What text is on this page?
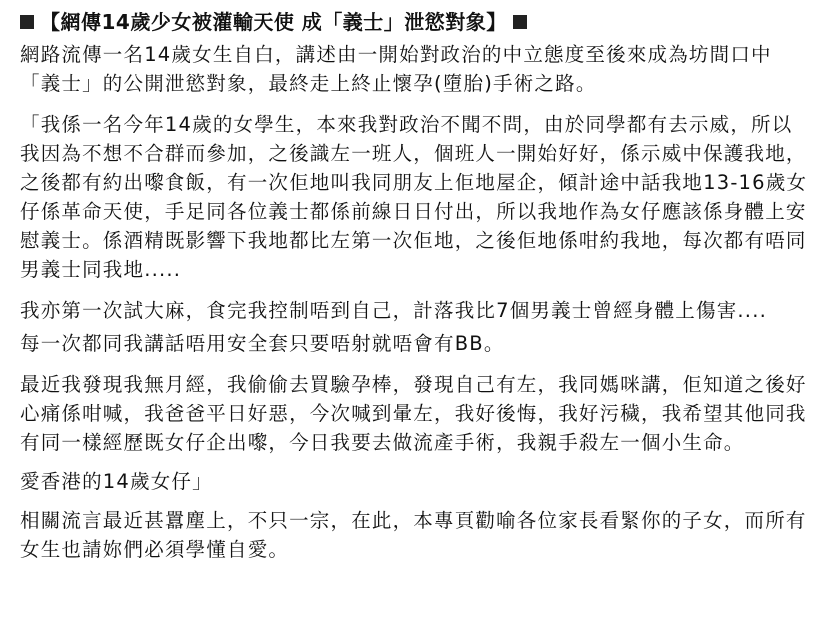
【網傳14歲少女被灌輸天使 成「義士」泄慾對象】

網路流傳一名14歲女生自白，講述由一開始對政治的中立態度至後來成為坊間口中「義士」的公開泄慾對象，最終走上終止懷孕(墮胎)手術之路。

「我係一名今年14歲的女學生，本來我對政治不聞不問，由於同學都有去示威，所以我因為不想不合群而參加，之後識左一班人，個班人一開始好好，係示威中保護我地，之後都有約出嚟食飯，有一次佢地叫我同朋友上佢地屋企，傾計途中話我地13-16歲女仔係革命天使，手足同各位義士都係前線日日付出，所以我地作為女仔應該係身體上安慰義士。係酒精既影響下我地都比左第一次佢地，之後佢地係咁約我地，每次都有唔同男義士同我地.....

我亦第一次試大麻，食完我控制唔到自己，計落我比7個男義士曾經身體上傷害....

每一次都同我講話唔用安全套只要唔射就唔會有BB。

最近我發現我無月經，我偷偷去買驗孕棒，發現自己有左，我同媽咪講，佢知道之後好心痛係咁喊，我爸爸平日好惡，今次喊到暈左，我好後悔，我好污穢，我希望其他同我有同一樣經歷既女仔企出嚟，今日我要去做流產手術，我親手殺左一個小生命。

愛香港的14歲女仔」

相關流言最近甚囂塵上，不只一宗，在此，本專頁勸喻各位家長看緊你的子女，而所有女生也請妳們必須學懂自愛。
